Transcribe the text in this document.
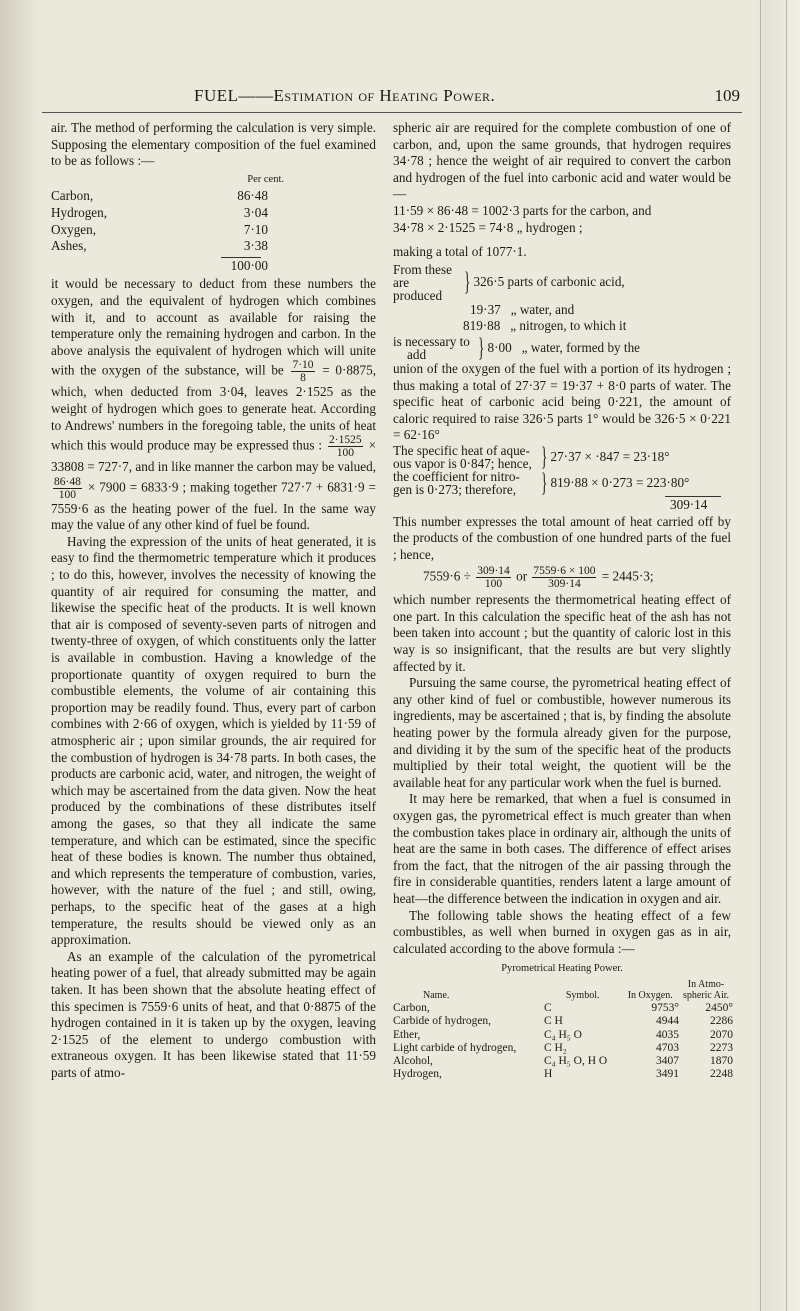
FUEL——Estimation of Heating Power.	109

air. The method of performing the calculation is very simple. Supposing the elementary composition of the fuel examined to be as follows :—

Per cent.
Carbon,	86·48
Hydrogen,	3·04
Oxygen,	7·10
Ashes,	3·38
100·00

it would be necessary to deduct from these numbers the oxygen, and the equivalent of hydrogen which combines with it, and to account as available for raising the temperature only the remaining hydrogen and carbon. In the above analysis the equivalent of hydrogen which will unite with the oxygen of the substance, will be $\frac{7\cdot 10}{8} = 0\cdot 8875$, which, when deducted from 3·04, leaves 2·1525 as the weight of hydrogen which goes to generate heat. According to Andrews' numbers in the foregoing table, the units of heat which this would produce may be expressed thus : $\frac{2\cdot 1525}{100} \times 33808 = 727\cdot 7$, and in like manner the carbon may be valued,
$\frac{86\cdot 48}{100} \times 7900 = 6833\cdot 9$ ; making together 727·7 + 6831·9 = 7559·6 as the heating power of the fuel. In the same way may the value of any other kind of fuel be found.

Having the expression of the units of heat generated, it is easy to find the thermometric temperature which it produces ; to do this, however, involves the necessity of knowing the quantity of air required for consuming the matter, and likewise the specific heat of the products. It is well known that air is composed of seventy-seven parts of nitrogen and twenty-three of oxygen, of which constituents only the latter is available in combustion. Having a knowledge of the proportionate quantity of oxygen required to burn the combustible elements, the volume of air containing this proportion may be readily found. Thus, every part of carbon combines with 2·66 of oxygen, which is yielded by 11·59 of atmospheric air ; upon similar grounds, the air required for the combustion of hydrogen is 34·78 parts. In both cases, the products are carbonic acid, water, and nitrogen, the weight of which may be ascertained from the data given. Now the heat produced by the combinations of these distributes itself among the gases, so that they all indicate the same temperature, and which can be estimated, since the specific heat of these bodies is known. The number thus obtained, and which represents the temperature of combustion, varies, however, with the nature of the fuel ; and still, owing, perhaps, to the specific heat of the gases at a high temperature, the results should be viewed only as an approximation.

As an example of the calculation of the pyrometrical heating power of a fuel, that already submitted may be again taken. It has been shown that the absolute heating effect of this specimen is 7559·6 units of heat, and that 0·8875 of the hydrogen contained in it is taken up by the oxygen, leaving 2·1525 of the element to undergo combustion with extraneous oxygen. It has been likewise stated that 11·59 parts of atmo-

spheric air are required for the complete combustion of one of carbon, and, upon the same grounds, that hydrogen requires 34·78 ; hence the weight of air required to convert the carbon and hydrogen of the fuel into carbonic acid and water would be—

11·59 × 86·48 = 1002·3 parts for the carbon, and
34·78 × 2·1525 = 74·8 „ hydrogen ;
making a total of 1077·1.
From these
are produced } 326·5 parts of carbonic acid,
19·37 „ water, and
819·88 „ nitrogen, to which it
is necessary to
add	} 8·00
„ water, formed by the

union of the oxygen of the fuel with a portion of its hydrogen ; thus making a total of 27·37 = 19·37 + 8·0 parts of water. The specific heat of carbonic acid being 0·221, the amount of caloric required to raise 326·5 parts 1° would be 326·5 × 0·221 = 62·16°

The specific heat of aque-
ous vapor is 0·847; hence, } 27·37 × ·847 = 23·18°
the coefficient for nitro-
gen is 0·273; therefore, } 819·88 × 0·273 = 223·80°
309·14

This number expresses the total amount of heat carried off by the products of the combustion of one hundred parts of the fuel ; hence,

$7559\cdot 6 \div \frac{309\cdot 14}{100}$ or $\frac{7559\cdot 6 \times 100}{309\cdot 14} = 2445\cdot 3$;

which number represents the thermometrical heating effect of one part. In this calculation the specific heat of the ash has not been taken into account ; but the quantity of caloric lost in this way is so insignificant, that the results are but very slightly affected by it.

Pursuing the same course, the pyrometrical heating effect of any other kind of fuel or combustible, however numerous its ingredients, may be ascertained ; that is, by finding the absolute heating power by the formula already given for the purpose, and dividing it by the sum of the specific heat of the products multiplied by their total weight, the quotient will be the available heat for any particular work when the fuel is burned.

It may here be remarked, that when a fuel is consumed in oxygen gas, the pyrometrical effect is much greater than when the combustion takes place in ordinary air, although the units of heat are the same in both cases. The difference of effect arises from the fact, that the nitrogen of the air passing through the fire in considerable quantities, renders latent a large amount of heat—the difference between the indication in oxygen and air.

The following table shows the heating effect of a few combustibles, as well when burned in oxygen gas as in air, calculated according to the above formula :—

Pyrometrical Heating Power.
Name.	Symbol.	In Oxygen.	In Atmo-spheric Air.
Carbon,	C	9753°	2450°
Carbide of hydrogen,	C H	4944	2286
Ether,	C₄ H₅ O	4035	2070
Light carbide of hydrogen,	C H₂	4703	2273
Alcohol,	C₄ H₅ O, H O	3407	1870
Hydrogen,	H	3491	2248
